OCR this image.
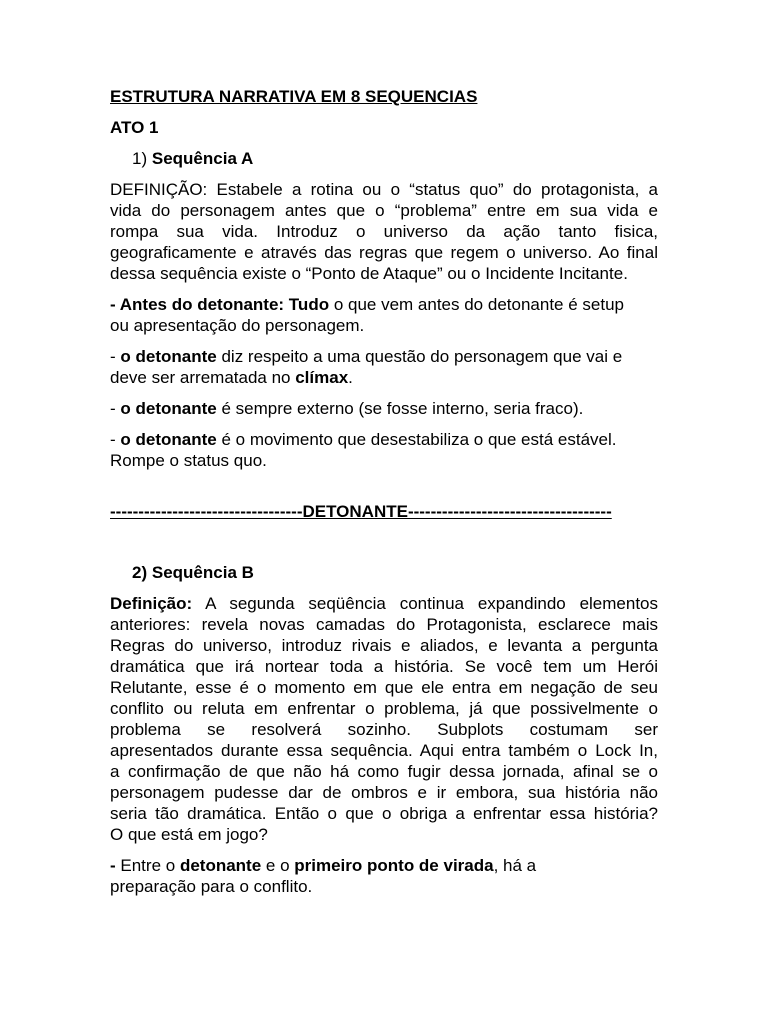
ESTRUTURA NARRATIVA EM 8 SEQUENCIAS
ATO 1
1) Sequência A
DEFINIÇÃO: Estabele a rotina ou o “status quo” do protagonista, a
vida do personagem antes que o “problema” entre em sua vida e
rompa sua vida. Introduz o universo da ação tanto fisica,
geograficamente e através das regras que regem o universo. Ao final
dessa sequência existe o “Ponto de Ataque” ou o Incidente Incitante.
- Antes do detonante: Tudo o que vem antes do detonante é setup
ou apresentação do personagem.
- o detonante diz respeito a uma questão do personagem que vai e
deve ser arrematada no clímax.
- o detonante é sempre externo (se fosse interno, seria fraco).
- o detonante é o movimento que desestabiliza o que está estável.
Rompe o status quo.
----------------------------------DETONANTE------------------------------------
2) Sequência B
Definição: A segunda seqüência continua expandindo elementos
anteriores: revela novas camadas do Protagonista, esclarece mais
Regras do universo, introduz rivais e aliados, e levanta a pergunta
dramática que irá nortear toda a história. Se você tem um Herói
Relutante, esse é o momento em que ele entra em negação de seu
conflito ou reluta em enfrentar o problema, já que possivelmente o
problema se resolverá sozinho. Subplots costumam ser
apresentados durante essa sequência. Aqui entra também o Lock In,
a confirmação de que não há como fugir dessa jornada, afinal se o
personagem pudesse dar de ombros e ir embora, sua história não
seria tão dramática. Então o que o obriga a enfrentar essa história?
O que está em jogo?
- Entre o detonante e o primeiro ponto de virada, há a
preparação para o conflito.
